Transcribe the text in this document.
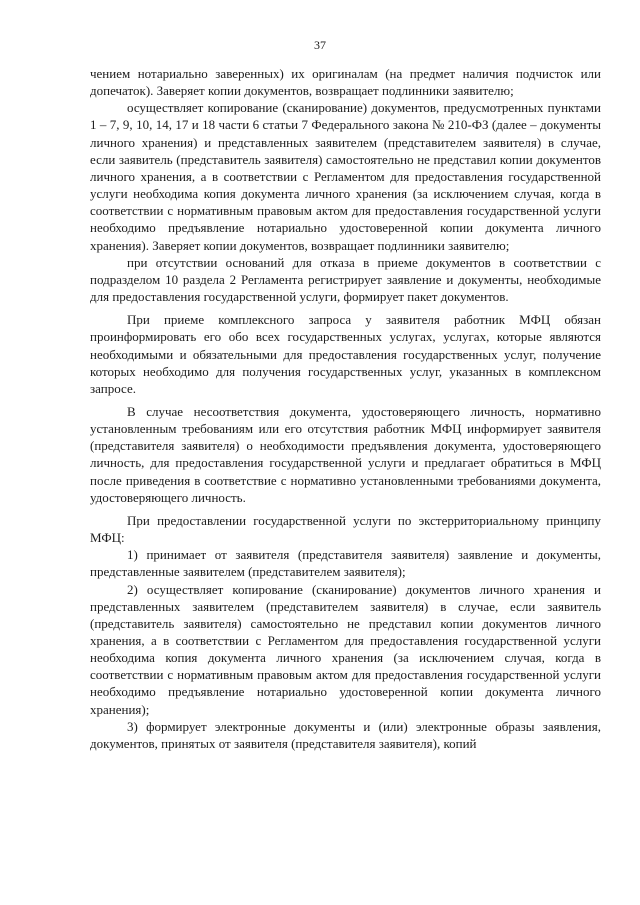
37

чением нотариально заверенных) их оригиналам (на предмет наличия подчисток или допечаток). Заверяет копии документов, возвращает подлинники заявителю;

осуществляет копирование (сканирование) документов, предусмотренных пунктами 1 – 7, 9, 10, 14, 17 и 18 части 6 статьи 7 Федерального закона № 210-ФЗ (далее – документы личного хранения) и представленных заявителем (представителем заявителя) в случае, если заявитель (представитель заявителя) самостоятельно не представил копии документов личного хранения, а в соответствии с Регламентом для предоставления государственной услуги необходима копия документа личного хранения (за исключением случая, когда в соответствии с нормативным правовым актом для предоставления государственной услуги необходимо предъявление нотариально удостоверенной копии документа личного хранения). Заверяет копии документов, возвращает подлинники заявителю;

при отсутствии оснований для отказа в приеме документов в соответствии с подразделом 10 раздела 2 Регламента регистрирует заявление и документы, необходимые для предоставления государственной услуги, формирует пакет документов.

При приеме комплексного запроса у заявителя работник МФЦ обязан проинформировать его обо всех государственных услугах, услугах, которые являются необходимыми и обязательными для предоставления государственных услуг, получение которых необходимо для получения государственных услуг, указанных в комплексном запросе.

В случае несоответствия документа, удостоверяющего личность, нормативно установленным требованиям или его отсутствия работник МФЦ информирует заявителя (представителя заявителя) о необходимости предъявления документа, удостоверяющего личность, для предоставления государственной услуги и предлагает обратиться в МФЦ после приведения в соответствие с нормативно установленными требованиями документа, удостоверяющего личность.

При предоставлении государственной услуги по экстерриториальному принципу МФЦ:

1) принимает от заявителя (представителя заявителя) заявление и документы, представленные заявителем (представителем заявителя);

2) осуществляет копирование (сканирование) документов личного хранения и представленных заявителем (представителем заявителя) в случае, если заявитель (представитель заявителя) самостоятельно не представил копии документов личного хранения, а в соответствии с Регламентом для предоставления государственной услуги необходима копия документа личного хранения (за исключением случая, когда в соответствии с нормативным правовым актом для предоставления государственной услуги необходимо предъявление нотариально удостоверенной копии документа личного хранения);

3) формирует электронные документы и (или) электронные образы заявления, документов, принятых от заявителя (представителя заявителя), копий
